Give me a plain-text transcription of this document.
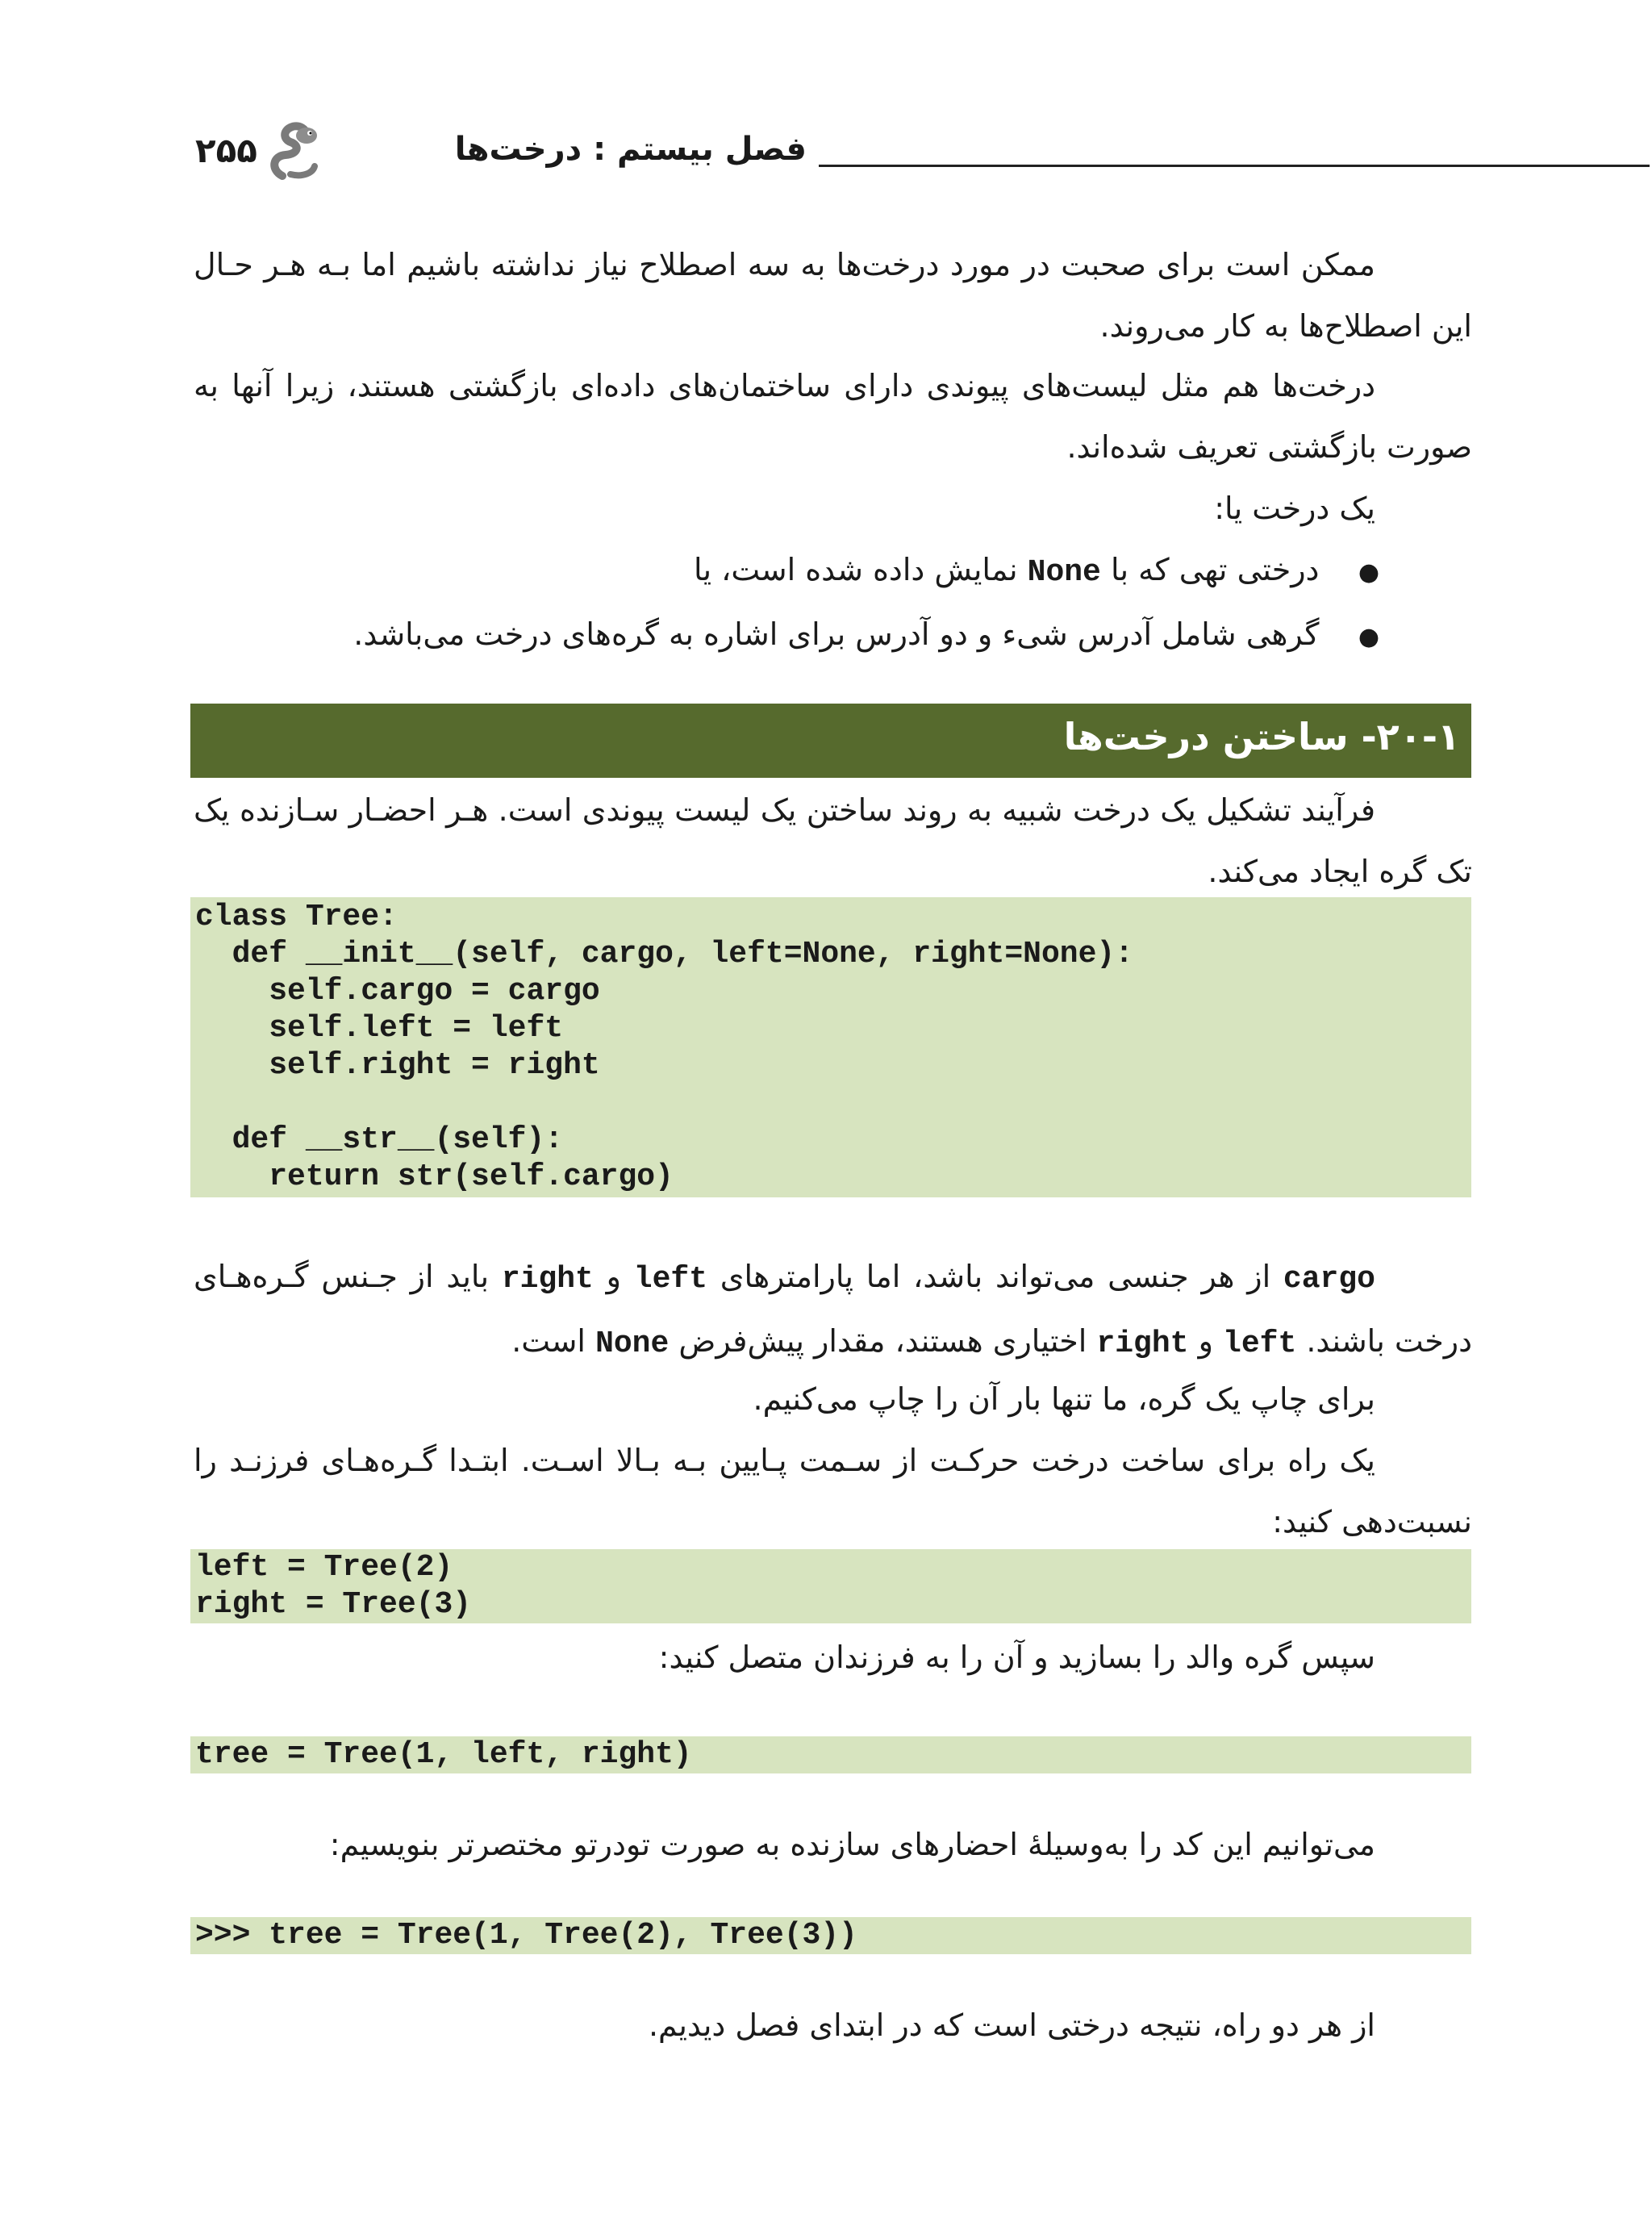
۲۵۵	فصل بیستم : درخت‌ها
ممکن است برای صحبت در مورد درخت‌ها به سه اصطلاح نیاز نداشته باشیم اما بـه هـر حـال این اصطلاح‌ها به کار می‌روند.
درخت‌ها هم مثل لیست‌های پیوندی دارای ساختمان‌های داده‌ای بازگشتی هستند، زیرا آنها به صورت بازگشتی تعریف شده‌اند.
یک درخت یا:
●    درختی تهی که با None نمایش داده شده است، یا
●    گرهی شامل آدرس شیء و دو آدرس برای اشاره به گره‌های درخت می‌باشد.
۲۰-۱- ساختن درخت‌ها
فرآیند تشکیل یک درخت شبیه به روند ساختن یک لیست پیوندی است. هـر احضـار سـازنده یک تک گره ایجاد می‌کند.
class Tree:
def __init__(self, cargo, left=None, right=None):
self.cargo = cargo
self.left = left
self.right = right
def __str__(self):
return str(self.cargo)
cargo از هر جنسی می‌تواند باشد، اما پارامترهای left و right باید از جـنس گـره‌هـای درخت باشند. left و right اختیاری هستند، مقدار پیش‌فرض None است.
برای چاپ یک گره، ما تنها بار آن را چاپ می‌کنیم.
یک راه برای ساخت درخت حرکـت از سـمت پـایین بـه بـالا اسـت. ابتـدا گـره‌هـای فرزنـد را نسبت‌دهی کنید:
left = Tree(2)
right = Tree(3)
سپس گره والد را بسازید و آن را به فرزندان متصل کنید:
tree = Tree(1, left, right)
می‌توانیم این کد را به‌وسیلهٔ احضارهای سازنده به صورت تودرتو مختصرتر بنویسیم:
>>> tree = Tree(1, Tree(2), Tree(3))
از هر دو راه، نتیجه درختی است که در ابتدای فصل دیدیم.
